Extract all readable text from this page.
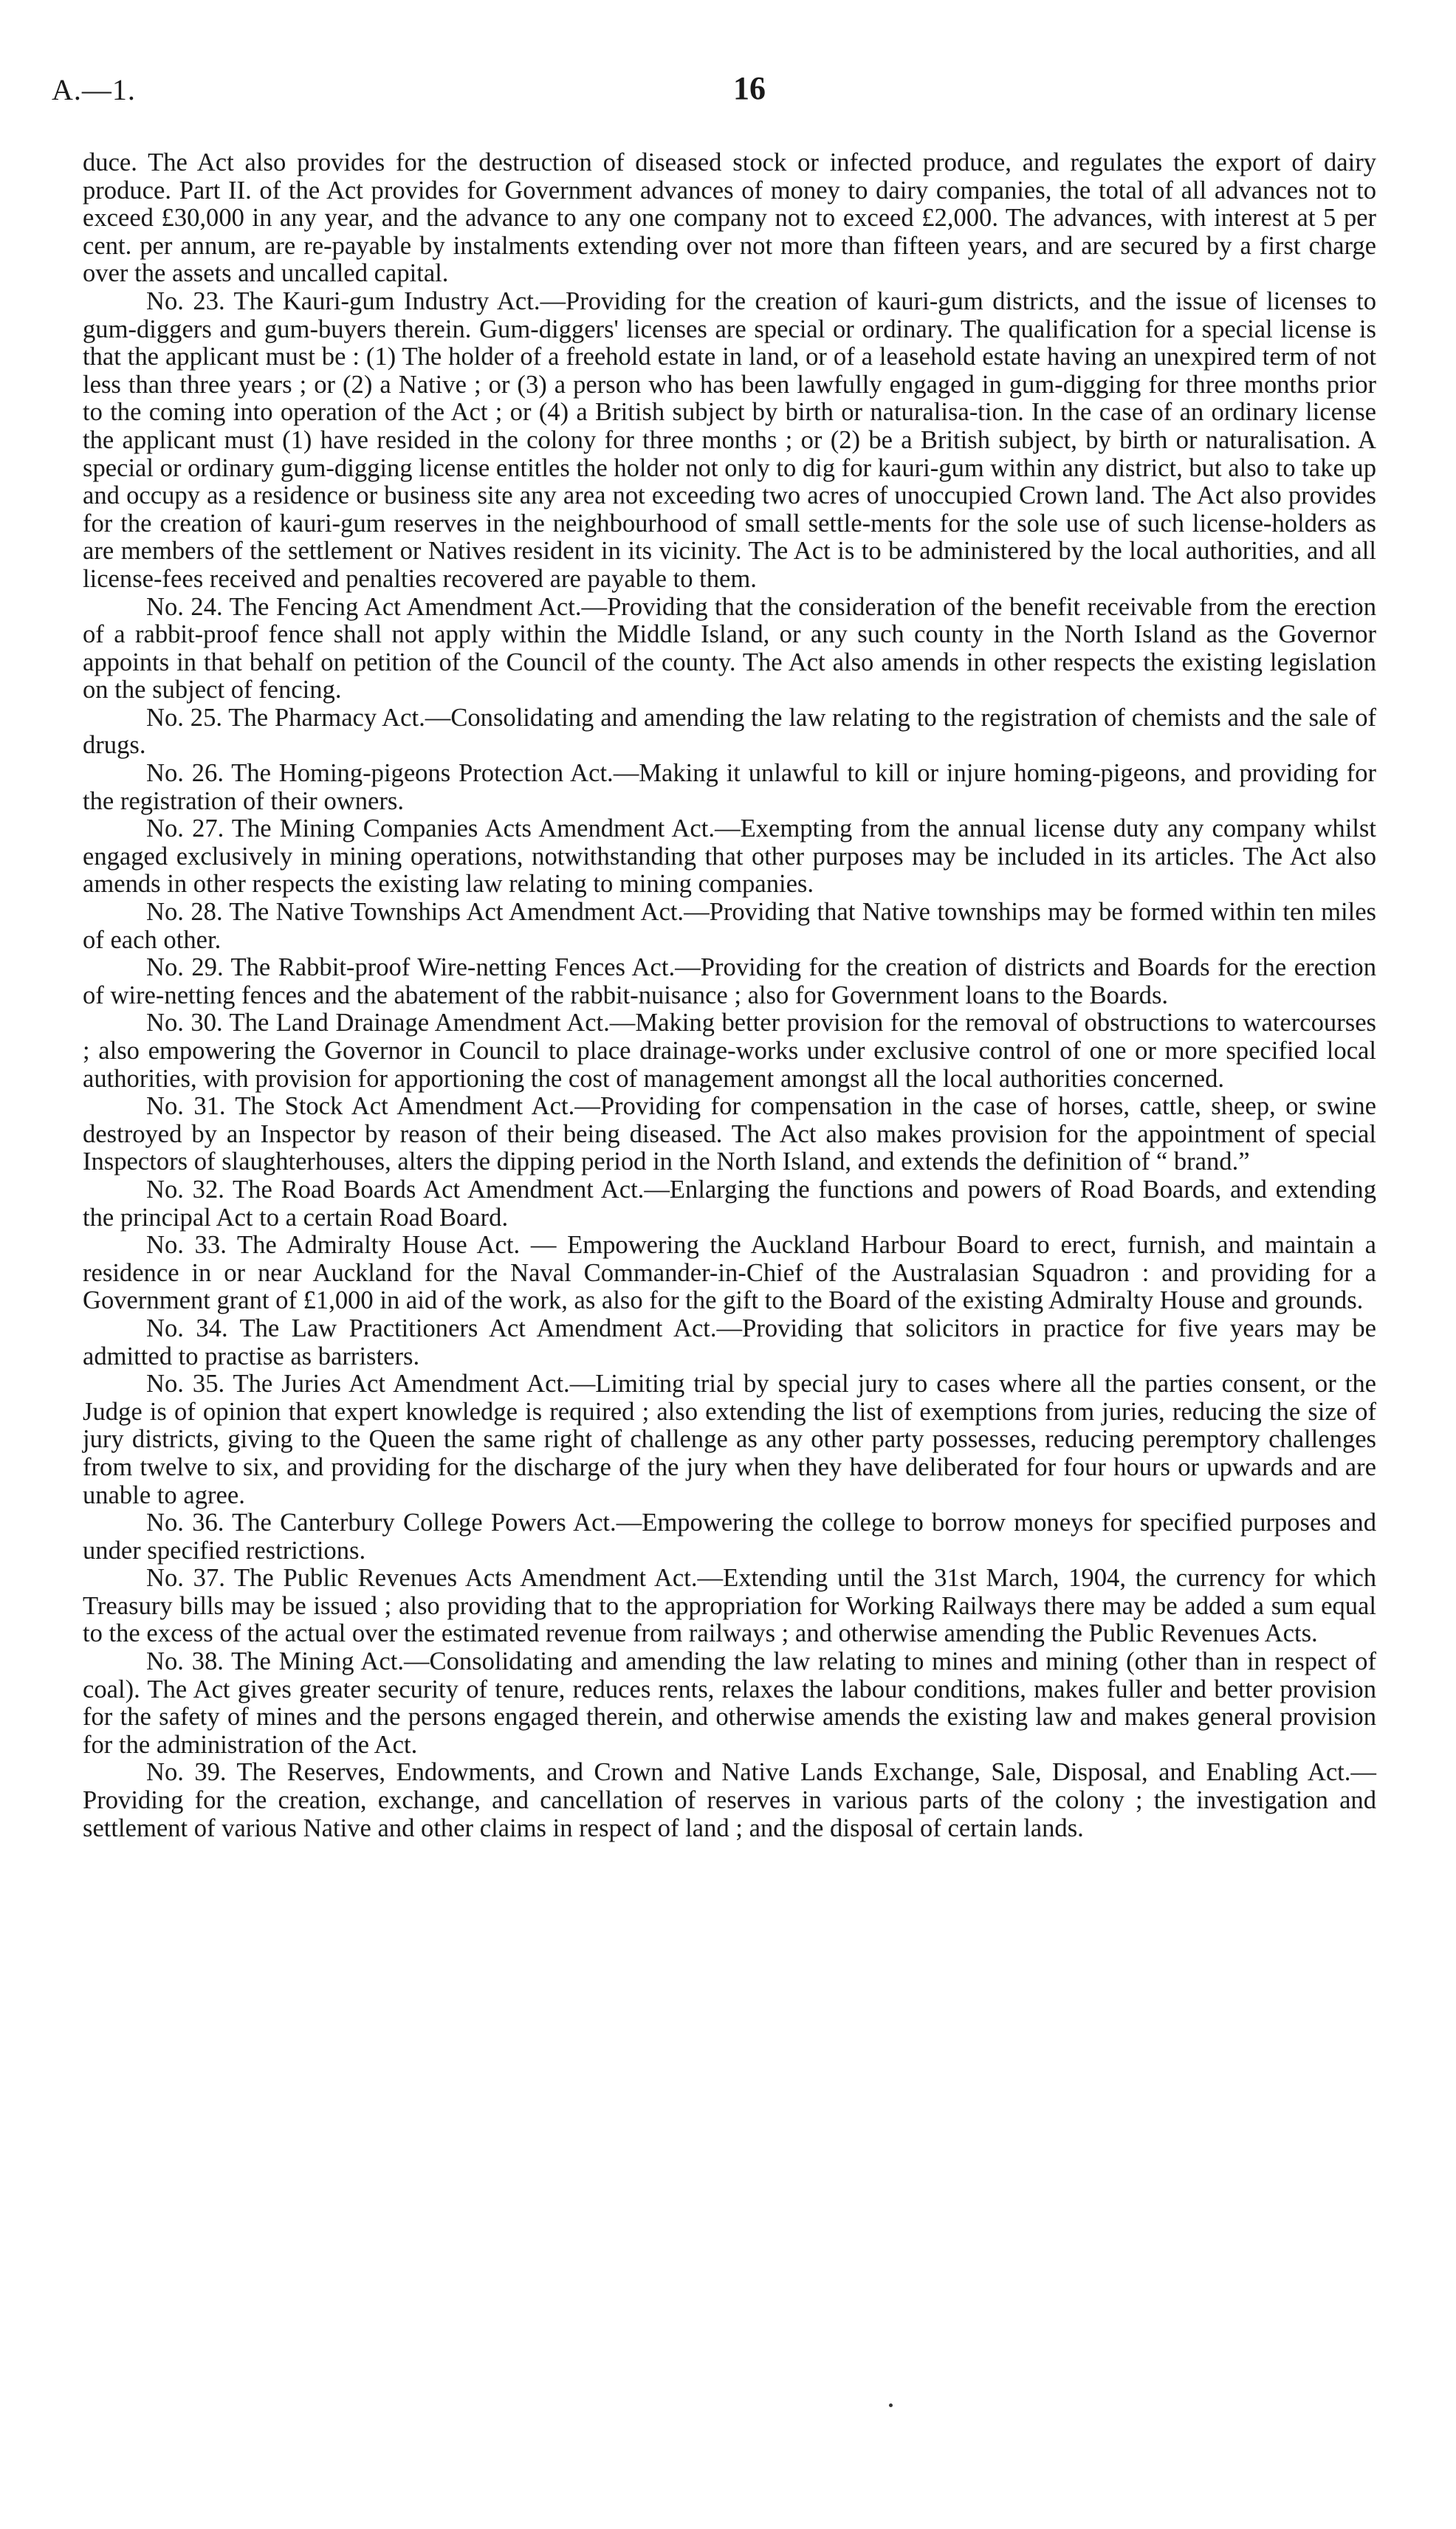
A.—1.	16

duce. The Act also provides for the destruction of diseased stock or infected produce, and regulates the export of dairy produce. Part II. of the Act provides for Government advances of money to dairy companies, the total of all advances not to exceed £30,000 in any year, and the advance to any one company not to exceed £2,000. The advances, with interest at 5 per cent. per annum, are re-payable by instalments extending over not more than fifteen years, and are secured by a first charge over the assets and uncalled capital.

No. 23. The Kauri-gum Industry Act.—Providing for the creation of kauri-gum districts, and the issue of licenses to gum-diggers and gum-buyers therein. Gum-diggers' licenses are special or ordinary. The qualification for a special license is that the applicant must be : (1) The holder of a freehold estate in land, or of a leasehold estate having an unexpired term of not less than three years ; or (2) a Native ; or (3) a person who has been lawfully engaged in gum-digging for three months prior to the coming into operation of the Act ; or (4) a British subject by birth or naturalisa-tion. In the case of an ordinary license the applicant must (1) have resided in the colony for three months ; or (2) be a British subject, by birth or naturalisation. A special or ordinary gum-digging license entitles the holder not only to dig for kauri-gum within any district, but also to take up and occupy as a residence or business site any area not exceeding two acres of unoccupied Crown land. The Act also provides for the creation of kauri-gum reserves in the neighbourhood of small settle-ments for the sole use of such license-holders as are members of the settlement or Natives resident in its vicinity. The Act is to be administered by the local authorities, and all license-fees received and penalties recovered are payable to them.

No. 24. The Fencing Act Amendment Act.—Providing that the consideration of the benefit receivable from the erection of a rabbit-proof fence shall not apply within the Middle Island, or any such county in the North Island as the Governor appoints in that behalf on petition of the Council of the county. The Act also amends in other respects the existing legislation on the subject of fencing.

No. 25. The Pharmacy Act.—Consolidating and amending the law relating to the registration of chemists and the sale of drugs.

No. 26. The Homing-pigeons Protection Act.—Making it unlawful to kill or injure homing-pigeons, and providing for the registration of their owners.

No. 27. The Mining Companies Acts Amendment Act.—Exempting from the annual license duty any company whilst engaged exclusively in mining operations, notwithstanding that other purposes may be included in its articles. The Act also amends in other respects the existing law relating to mining companies.

No. 28. The Native Townships Act Amendment Act.—Providing that Native townships may be formed within ten miles of each other.

No. 29. The Rabbit-proof Wire-netting Fences Act.—Providing for the creation of districts and Boards for the erection of wire-netting fences and the abatement of the rabbit-nuisance ; also for Government loans to the Boards.

No. 30. The Land Drainage Amendment Act.—Making better provision for the removal of obstructions to watercourses ; also empowering the Governor in Council to place drainage-works under exclusive control of one or more specified local authorities, with provision for apportioning the cost of management amongst all the local authorities concerned.

No. 31. The Stock Act Amendment Act.—Providing for compensation in the case of horses, cattle, sheep, or swine destroyed by an Inspector by reason of their being diseased. The Act also makes provision for the appointment of special Inspectors of slaughterhouses, alters the dipping period in the North Island, and extends the definition of “ brand.”

No. 32. The Road Boards Act Amendment Act.—Enlarging the functions and powers of Road Boards, and extending the principal Act to a certain Road Board.

No. 33. The Admiralty House Act. — Empowering the Auckland Harbour Board to erect, furnish, and maintain a residence in or near Auckland for the Naval Commander-in-Chief of the Australasian Squadron : and providing for a Government grant of £1,000 in aid of the work, as also for the gift to the Board of the existing Admiralty House and grounds.

No. 34. The Law Practitioners Act Amendment Act.—Providing that solicitors in practice for five years may be admitted to practise as barristers.

No. 35. The Juries Act Amendment Act.—Limiting trial by special jury to cases where all the parties consent, or the Judge is of opinion that expert knowledge is required ; also extending the list of exemptions from juries, reducing the size of jury districts, giving to the Queen the same right of challenge as any other party possesses, reducing peremptory challenges from twelve to six, and providing for the discharge of the jury when they have deliberated for four hours or upwards and are unable to agree.

No. 36. The Canterbury College Powers Act.—Empowering the college to borrow moneys for specified purposes and under specified restrictions.

No. 37. The Public Revenues Acts Amendment Act.—Extending until the 31st March, 1904, the currency for which Treasury bills may be issued ; also providing that to the appropriation for Working Railways there may be added a sum equal to the excess of the actual over the estimated revenue from railways ; and otherwise amending the Public Revenues Acts.

No. 38. The Mining Act.—Consolidating and amending the law relating to mines and mining (other than in respect of coal). The Act gives greater security of tenure, reduces rents, relaxes the labour conditions, makes fuller and better provision for the safety of mines and the persons engaged therein, and otherwise amends the existing law and makes general provision for the administration of the Act.

No. 39. The Reserves, Endowments, and Crown and Native Lands Exchange, Sale, Disposal, and Enabling Act.—Providing for the creation, exchange, and cancellation of reserves in various parts of the colony ; the investigation and settlement of various Native and other claims in respect of land ; and the disposal of certain lands.
